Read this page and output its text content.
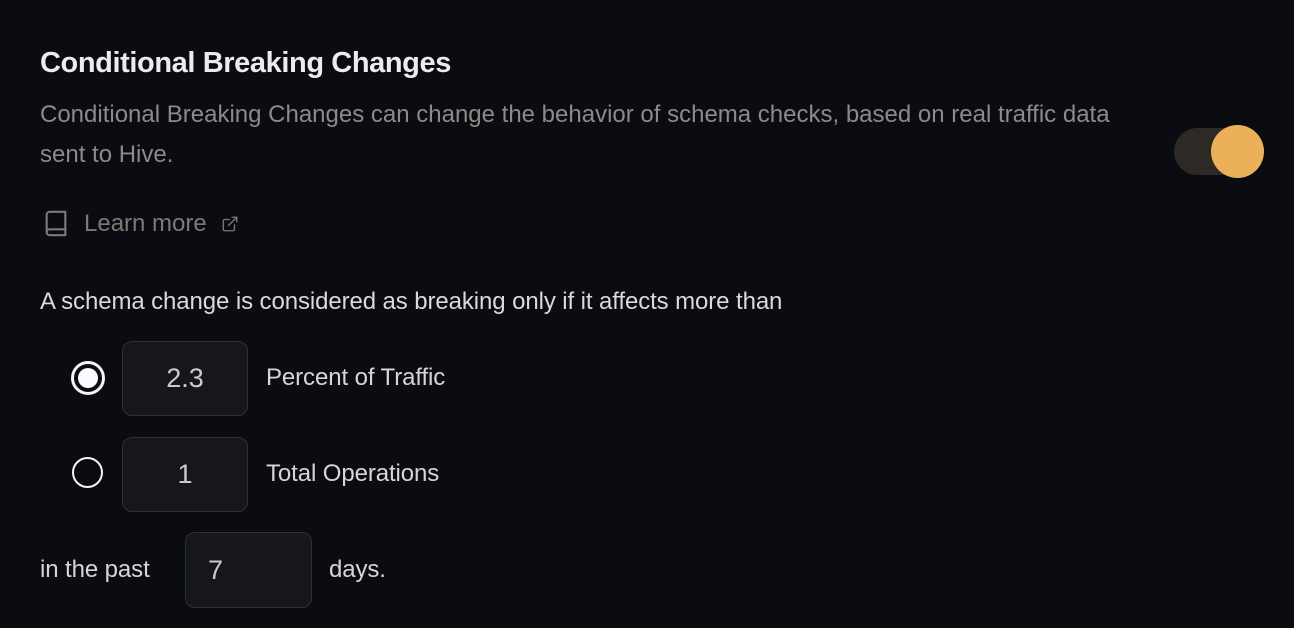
Conditional Breaking Changes
Conditional Breaking Changes can change the behavior of schema checks, based on real traffic data sent to Hive.
Learn more
A schema change is considered as breaking only if it affects more than
2.3
Percent of Traffic
1
Total Operations
in the past
7	days.
